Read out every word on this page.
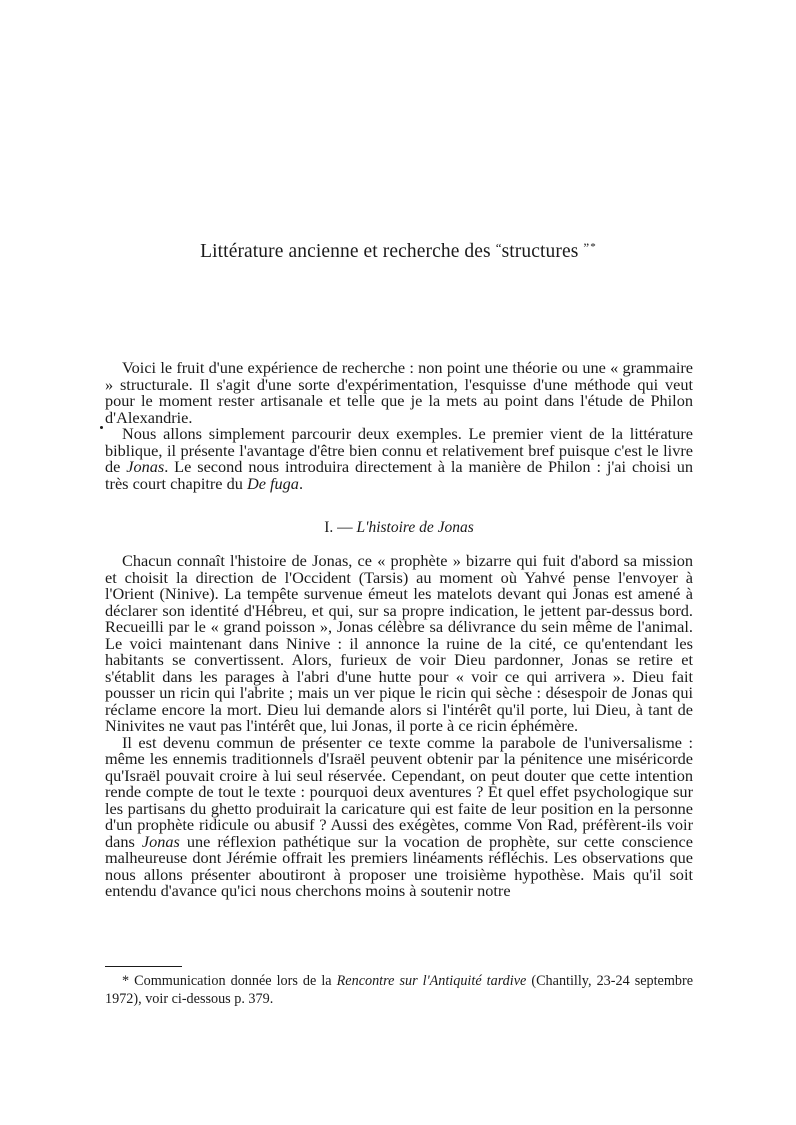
Littérature ancienne et recherche des “structures ”*

Voici le fruit d'une expérience de recherche : non point une théorie ou une « grammaire » structurale. Il s'agit d'une sorte d'expérimentation, l'esquisse d'une méthode qui veut pour le moment rester artisanale et telle que je la mets au point dans l'étude de Philon d'Alexandrie.

Nous allons simplement parcourir deux exemples. Le premier vient de la littérature biblique, il présente l'avantage d'être bien connu et relativement bref puisque c'est le livre de Jonas. Le second nous introduira directement à la manière de Philon : j'ai choisi un très court chapitre du De fuga.

I. — L'histoire de Jonas

Chacun connaît l'histoire de Jonas, ce « prophète » bizarre qui fuit d'abord sa mission et choisit la direction de l'Occident (Tarsis) au moment où Yahvé pense l'envoyer à l'Orient (Ninive). La tempête survenue émeut les matelots devant qui Jonas est amené à déclarer son identité d'Hébreu, et qui, sur sa propre indication, le jettent par-dessus bord. Recueilli par le « grand poisson », Jonas célèbre sa délivrance du sein même de l'animal. Le voici maintenant dans Ninive : il annonce la ruine de la cité, ce qu'entendant les habitants se convertissent. Alors, furieux de voir Dieu pardonner, Jonas se retire et s'établit dans les parages à l'abri d'une hutte pour « voir ce qui arrivera ». Dieu fait pousser un ricin qui l'abrite ; mais un ver pique le ricin qui sèche : désespoir de Jonas qui réclame encore la mort. Dieu lui demande alors si l'intérêt qu'il porte, lui Dieu, à tant de Ninivites ne vaut pas l'intérêt que, lui Jonas, il porte à ce ricin éphémère.

Il est devenu commun de présenter ce texte comme la parabole de l'universalisme : même les ennemis traditionnels d'Israël peuvent obtenir par la pénitence une miséricorde qu'Israël pouvait croire à lui seul réservée. Cependant, on peut douter que cette intention rende compte de tout le texte : pourquoi deux aventures ? Et quel effet psychologique sur les partisans du ghetto produirait la caricature qui est faite de leur position en la personne d'un prophète ridicule ou abusif ? Aussi des exégètes, comme Von Rad, préfèrent-ils voir dans Jonas une réflexion pathétique sur la vocation de prophète, sur cette conscience malheureuse dont Jérémie offrait les premiers linéaments réfléchis. Les observations que nous allons présenter aboutiront à proposer une troisième hypothèse. Mais qu'il soit entendu d'avance qu'ici nous cherchons moins à soutenir notre

* Communication donnée lors de la Rencontre sur l'Antiquité tardive (Chantilly, 23-24 septembre 1972), voir ci-dessous p. 379.
